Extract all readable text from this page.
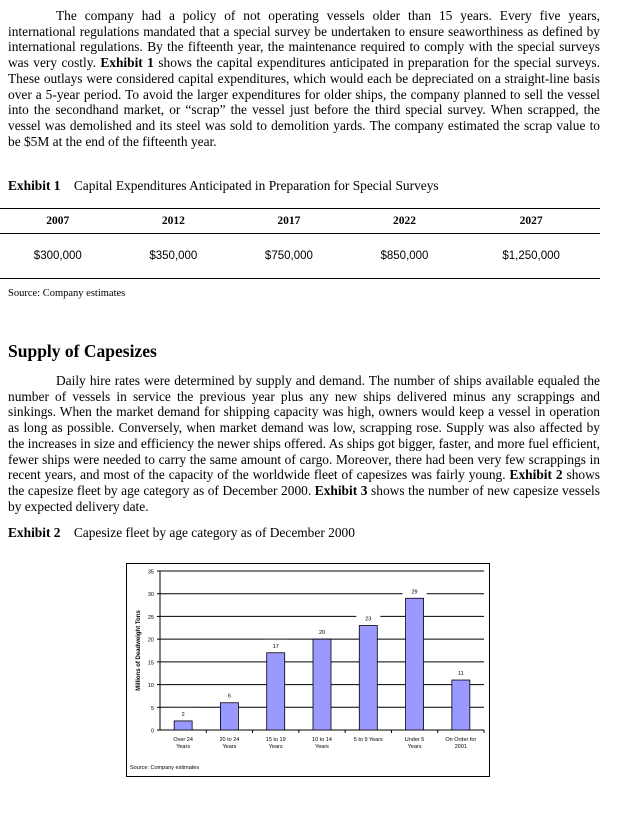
The company had a policy of not operating vessels older than 15 years. Every five years, international regulations mandated that a special survey be undertaken to ensure seaworthiness as defined by international regulations. By the fifteenth year, the maintenance required to comply with the special surveys was very costly. Exhibit 1 shows the capital expenditures anticipated in preparation for the special surveys. These outlays were considered capital expenditures, which would each be depreciated on a straight-line basis over a 5-year period. To avoid the larger expenditures for older ships, the company planned to sell the vessel into the secondhand market, or “scrap” the vessel just before the third special survey. When scrapped, the vessel was demolished and its steel was sold to demolition yards. The company estimated the scrap value to be $5M at the end of the fifteenth year.

Exhibit 1 Capital Expenditures Anticipated in Preparation for Special Surveys
2007	2012	2017	2022	2027
$300,000	$350,000	$750,000	$850,000	$1,250,000
Source: Company estimates
Supply of Capesizes

Daily hire rates were determined by supply and demand. The number of ships available equaled the number of vessels in service the previous year plus any new ships delivered minus any scrappings and sinkings. When the market demand for shipping capacity was high, owners would keep a vessel in operation as long as possible. Conversely, when market demand was low, scrapping rose. Supply was also affected by the increases in size and efficiency the newer ships offered. As ships got bigger, faster, and more fuel efficient, fewer ships were needed to carry the same amount of cargo. Moreover, there had been very few scrappings in recent years, and most of the capacity of the worldwide fleet of capesizes was fairly young. Exhibit 2 shows the capesize fleet by age category as of December 2000. Exhibit 3 shows the number of new capesize vessels by expected delivery date.

Exhibit 2 Capesize fleet by age category as of December 2000
0
5
10
15
20
25
30
35
Millions of Deadweight Tons
2
Over 24
Years
6
20 to 24
Years
17
15 to 19
Years
20
10 to 14
Years
23
5 to 9 Years
29
Under 5
Years
11
On Order for
2001
Source: Company estimates
